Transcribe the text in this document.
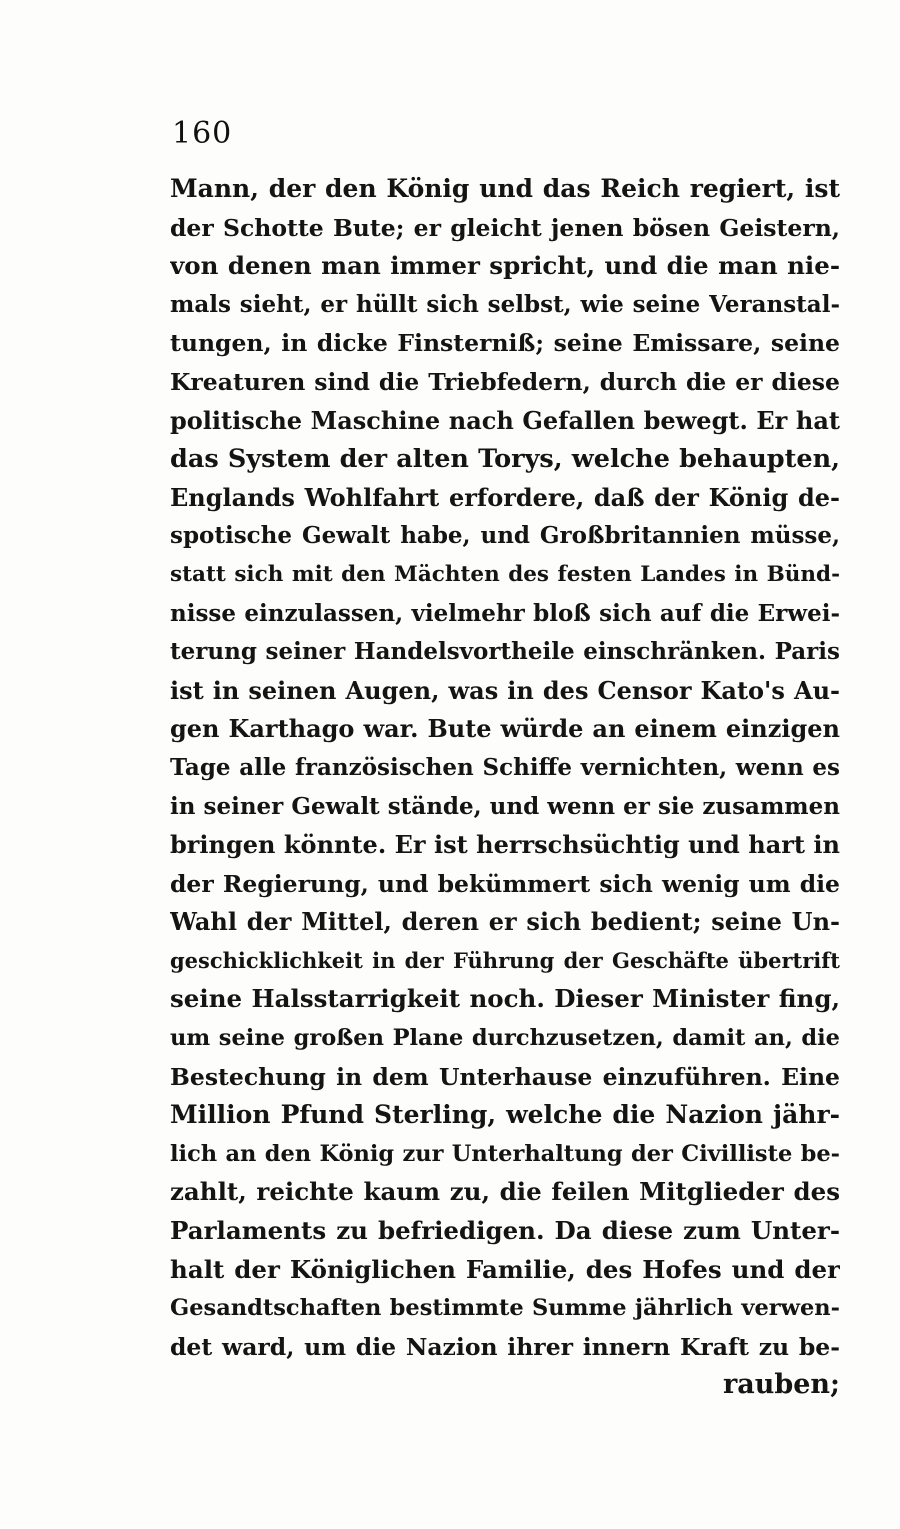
160
Mann, der den König und das Reich regiert, ist
der Schotte Bute; er gleicht jenen bösen Geistern,
von denen man immer spricht, und die man nie-
mals sieht, er hüllt sich selbst, wie seine Veranstal-
tungen, in dicke Finsterniß; seine Emissare, seine
Kreaturen sind die Triebfedern, durch die er diese
politische Maschine nach Gefallen bewegt. Er hat
das System der alten Torys, welche behaupten,
Englands Wohlfahrt erfordere, daß der König de-
spotische Gewalt habe, und Großbritannien müsse,
statt sich mit den Mächten des festen Landes in Bünd-
nisse einzulassen, vielmehr bloß sich auf die Erwei-
terung seiner Handelsvortheile einschränken. Paris
ist in seinen Augen, was in des Censor Kato's Au-
gen Karthago war. Bute würde an einem einzigen
Tage alle französischen Schiffe vernichten, wenn es
in seiner Gewalt stände, und wenn er sie zusammen
bringen könnte. Er ist herrschsüchtig und hart in
der Regierung, und bekümmert sich wenig um die
Wahl der Mittel, deren er sich bedient; seine Un-
geschicklichkeit in der Führung der Geschäfte übertrift
seine Halsstarrigkeit noch. Dieser Minister fing,
um seine großen Plane durchzusetzen, damit an, die
Bestechung in dem Unterhause einzuführen. Eine
Million Pfund Sterling, welche die Nazion jähr-
lich an den König zur Unterhaltung der Civilliste be-
zahlt, reichte kaum zu, die feilen Mitglieder des
Parlaments zu befriedigen. Da diese zum Unter-
halt der Königlichen Familie, des Hofes und der
Gesandtschaften bestimmte Summe jährlich verwen-
det ward, um die Nazion ihrer innern Kraft zu be-
rauben;
